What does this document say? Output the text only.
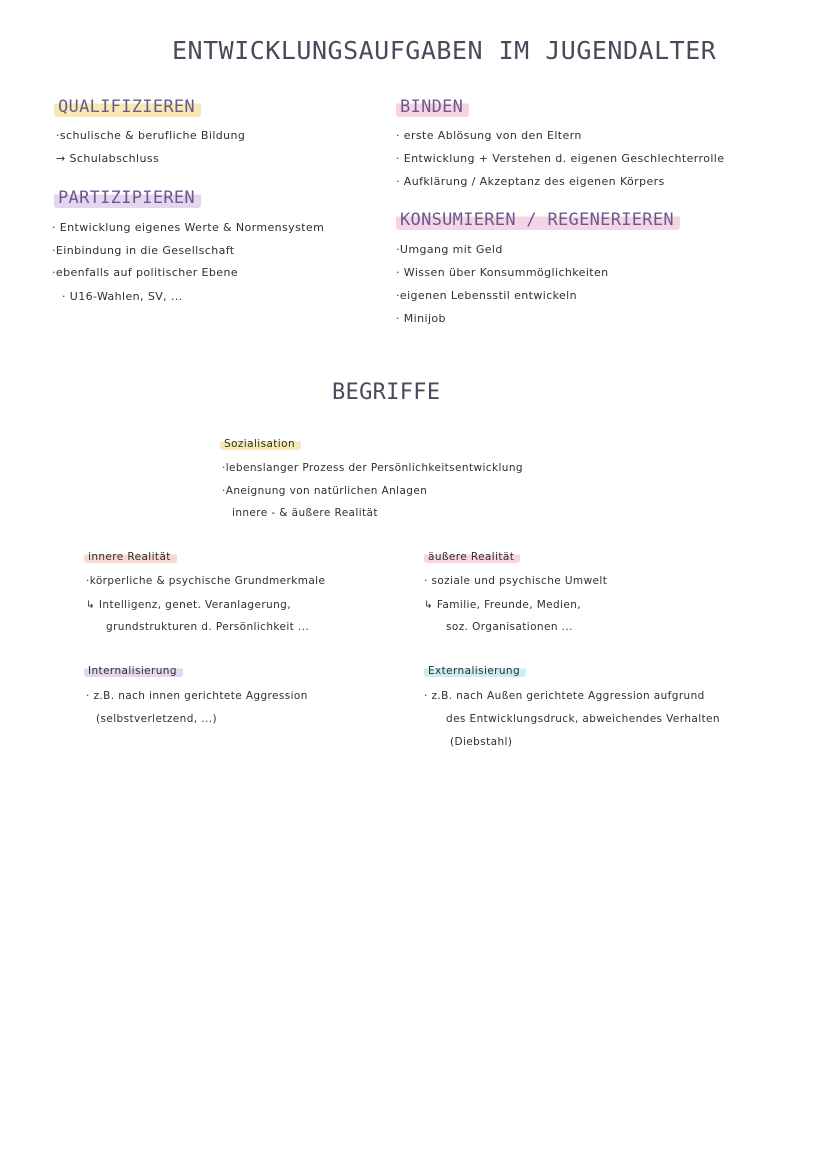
ENTWICKLUNGSAUFGABEN IM JUGENDALTER
QUALIFIZIEREN
·schulische & berufliche Bildung
→ Schulabschluss
PARTIZIPIEREN
· Entwicklung eigenes Werte & Normensystem
·Einbindung in die Gesellschaft
·ebenfalls auf politischer Ebene
· U16-Wahlen, SV, ...
BINDEN
· erste Ablösung von den Eltern
· Entwicklung + Verstehen d. eigenen Geschlechterrolle
· Aufklärung / Akzeptanz des eigenen Körpers
KONSUMIEREN / REGENERIEREN
·Umgang mit Geld
· Wissen über Konsummöglichkeiten
·eigenen Lebensstil entwickeln
· Minijob
BEGRIFFE
Sozialisation
·lebenslanger Prozess der Persönlichkeitsentwicklung
·Aneignung von natürlichen Anlagen
innere - & äußere Realität
innere Realität
·körperliche & psychische Grundmerkmale
↳ Intelligenz, genet. Veranlagerung,
grundstrukturen d. Persönlichkeit ...
äußere Realität
· soziale und psychische Umwelt
↳ Familie, Freunde, Medien,
soz. Organisationen ...
Internalisierung
· z.B. nach innen gerichtete Aggression
(selbstverletzend, ...)
Externalisierung
· z.B. nach Außen gerichtete Aggression aufgrund
des Entwicklungsdruck, abweichendes Verhalten
(Diebstahl)
